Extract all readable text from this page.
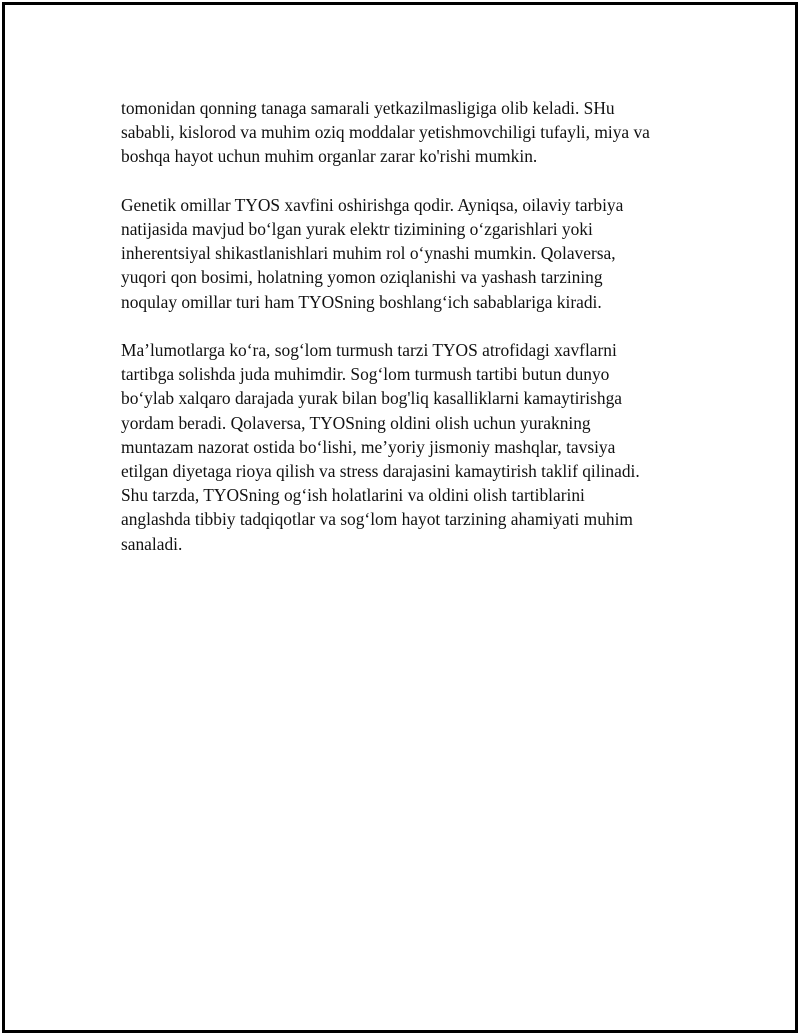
tomonidan qonning tanaga samarali yetkazilmasligiga olib keladi. SHu
sababli, kislorod va muhim oziq moddalar yetishmovchiligi tufayli, miya va
boshqa hayot uchun muhim organlar zarar ko'rishi mumkin.

Genetik omillar TYOS xavfini oshirishga qodir. Ayniqsa, oilaviy tarbiya
natijasida mavjud bo‘lgan yurak elektr tizimining o‘zgarishlari yoki
inherentsiyal shikastlanishlari muhim rol o‘ynashi mumkin. Qolaversa,
yuqori qon bosimi, holatning yomon oziqlanishi va yashash tarzining
noqulay omillar turi ham TYOSning boshlang‘ich sabablariga kiradi.

Ma’lumotlarga ko‘ra, sog‘lom turmush tarzi TYOS atrofidagi xavflarni
tartibga solishda juda muhimdir. Sog‘lom turmush tartibi butun dunyo
bo‘ylab xalqaro darajada yurak bilan bog'liq kasalliklarni kamaytirishga
yordam beradi. Qolaversa, TYOSning oldini olish uchun yurakning
muntazam nazorat ostida bo‘lishi, me’yoriy jismoniy mashqlar, tavsiya
etilgan diyetaga rioya qilish va stress darajasini kamaytirish taklif qilinadi.
Shu tarzda, TYOSning og‘ish holatlarini va oldini olish tartiblarini
anglashda tibbiy tadqiqotlar va sog‘lom hayot tarzining ahamiyati muhim
sanaladi.
